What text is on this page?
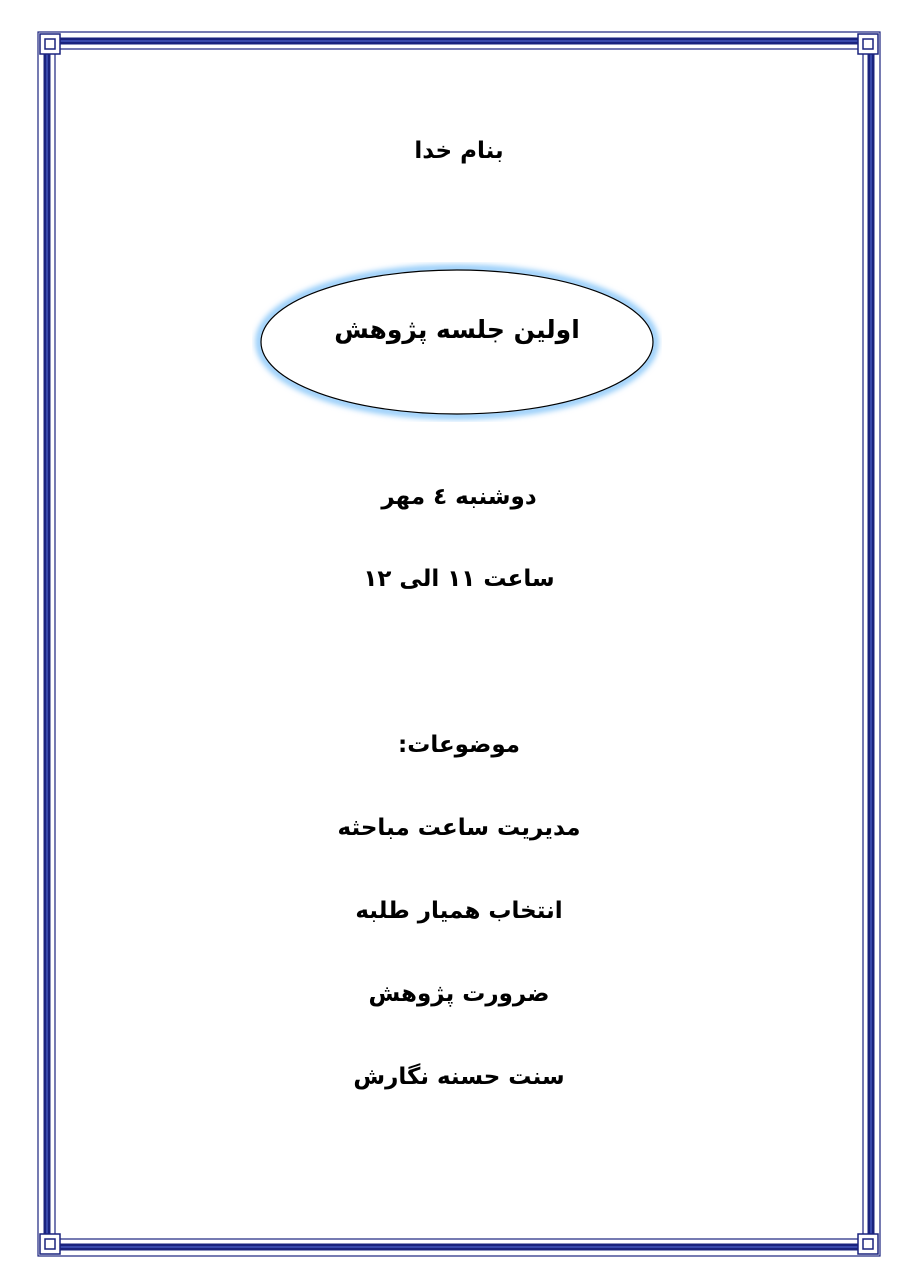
بنام خدا
اولین جلسه پژوهش
دوشنبه ٤ مهر
ساعت ۱۱ الی ۱۲
موضوعات:
مدیریت ساعت مباحثه
انتخاب همیار طلبه
ضرورت پژوهش
سنت حسنه نگارش
